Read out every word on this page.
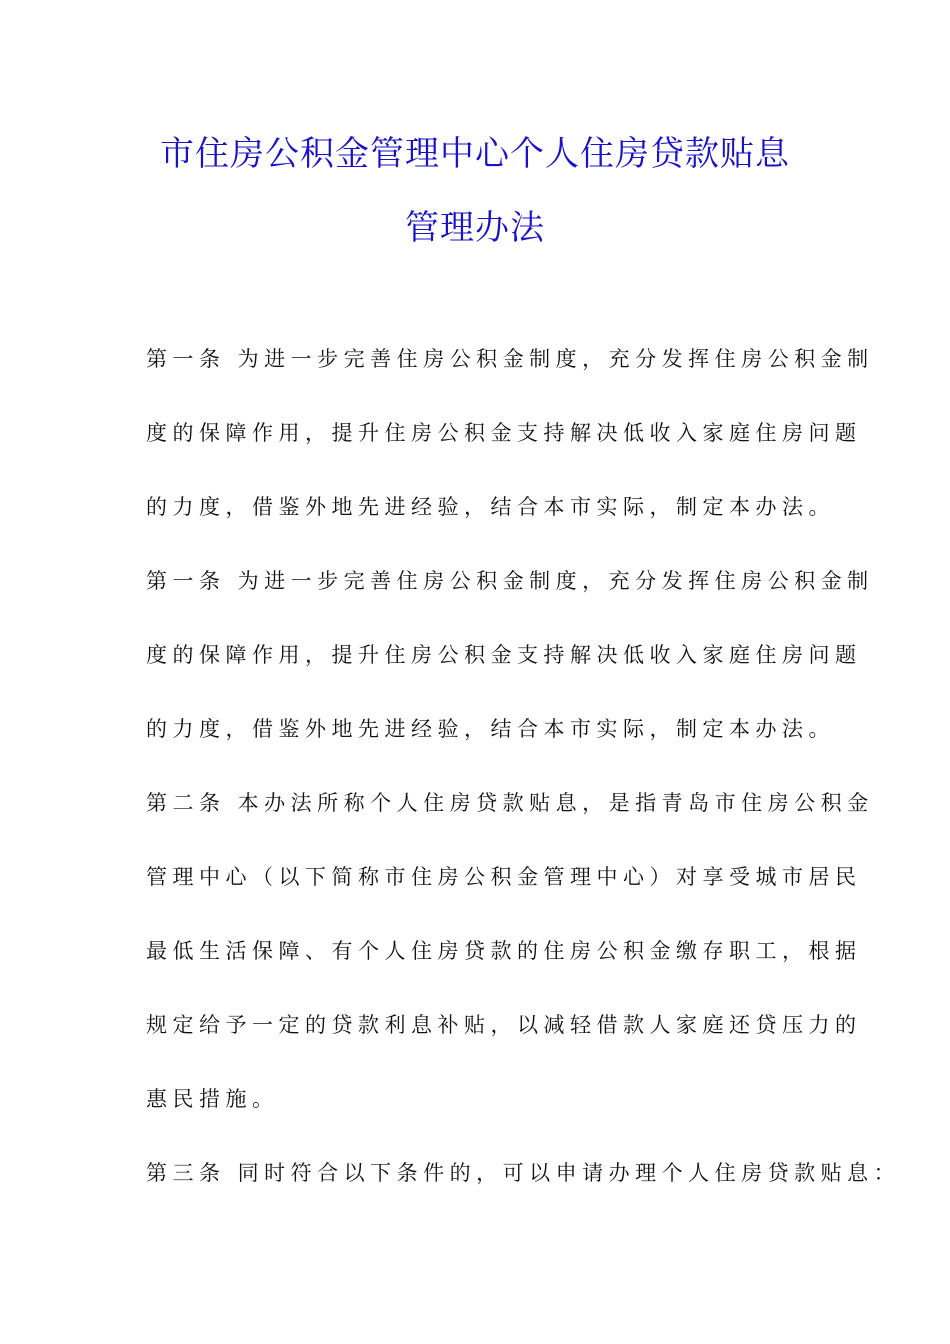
市住房公积金管理中心个人住房贷款贴息
管理办法
第一条 为进一步完善住房公积金制度，充分发挥住房公积金制
度的保障作用，提升住房公积金支持解决低收入家庭住房问题
的力度，借鉴外地先进经验，结合本市实际，制定本办法。
第一条 为进一步完善住房公积金制度，充分发挥住房公积金制
度的保障作用，提升住房公积金支持解决低收入家庭住房问题
的力度，借鉴外地先进经验，结合本市实际，制定本办法。
第二条 本办法所称个人住房贷款贴息，是指青岛市住房公积金
管理中心（以下简称市住房公积金管理中心）对享受城市居民
最低生活保障、有个人住房贷款的住房公积金缴存职工，根据
规定给予一定的贷款利息补贴，以减轻借款人家庭还贷压力的
惠民措施。
第三条 同时符合以下条件的，可以申请办理个人住房贷款贴息：
